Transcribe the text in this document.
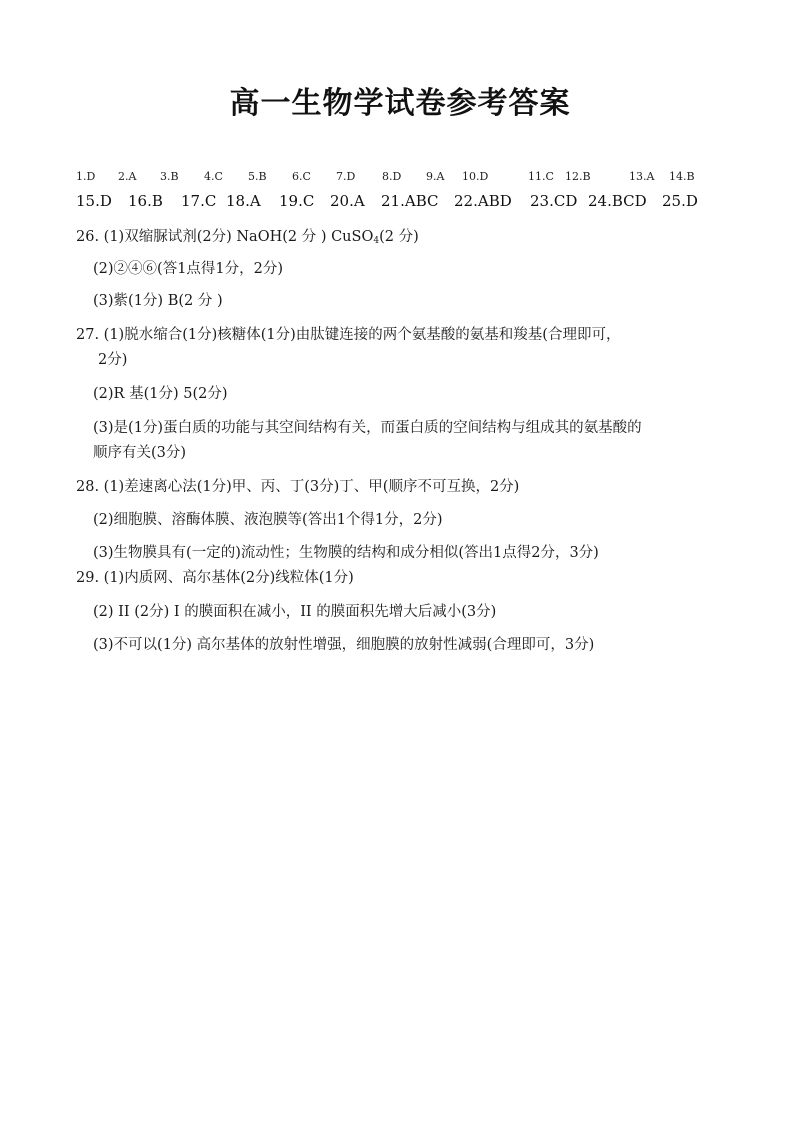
高一生物学试卷参考答案
1.D 2.A 3.B 4.C 5.B 6.C 7.D 8.D 9.A 10.D	11.C 12.B	13.A 14.B
15.D 16.B 17.C 18.A 19.C 20.A 21.ABC 22.ABD 23.CD 24.BCD 25.D
26. (1)双缩脲试剂(2分) NaOH(2 分 ) CuSO$_4$(2 分)
(2)②④⑥(答1点得1分，2分)
(3)紫(1分) B(2 分 )
27. (1)脱水缩合(1分)核糖体(1分)由肽键连接的两个氨基酸的氨基和羧基(合理即可，
2分)
(2)R 基(1分) 5(2分)
(3)是(1分)蛋白质的功能与其空间结构有关，而蛋白质的空间结构与组成其的氨基酸的
顺序有关(3分)
28. (1)差速离心法(1分)甲、丙、丁(3分)丁、甲(顺序不可互换，2分)
(2)细胞膜、溶酶体膜、液泡膜等(答出1个得1分，2分)
(3)生物膜具有(一定的)流动性；生物膜的结构和成分相似(答出1点得2分，3分)
29. (1)内质网、高尔基体(2分)线粒体(1分)
(2) II (2分) I 的膜面积在减小，II 的膜面积先增大后减小(3分)
(3)不可以(1分) 高尔基体的放射性增强，细胞膜的放射性减弱(合理即可，3分)
